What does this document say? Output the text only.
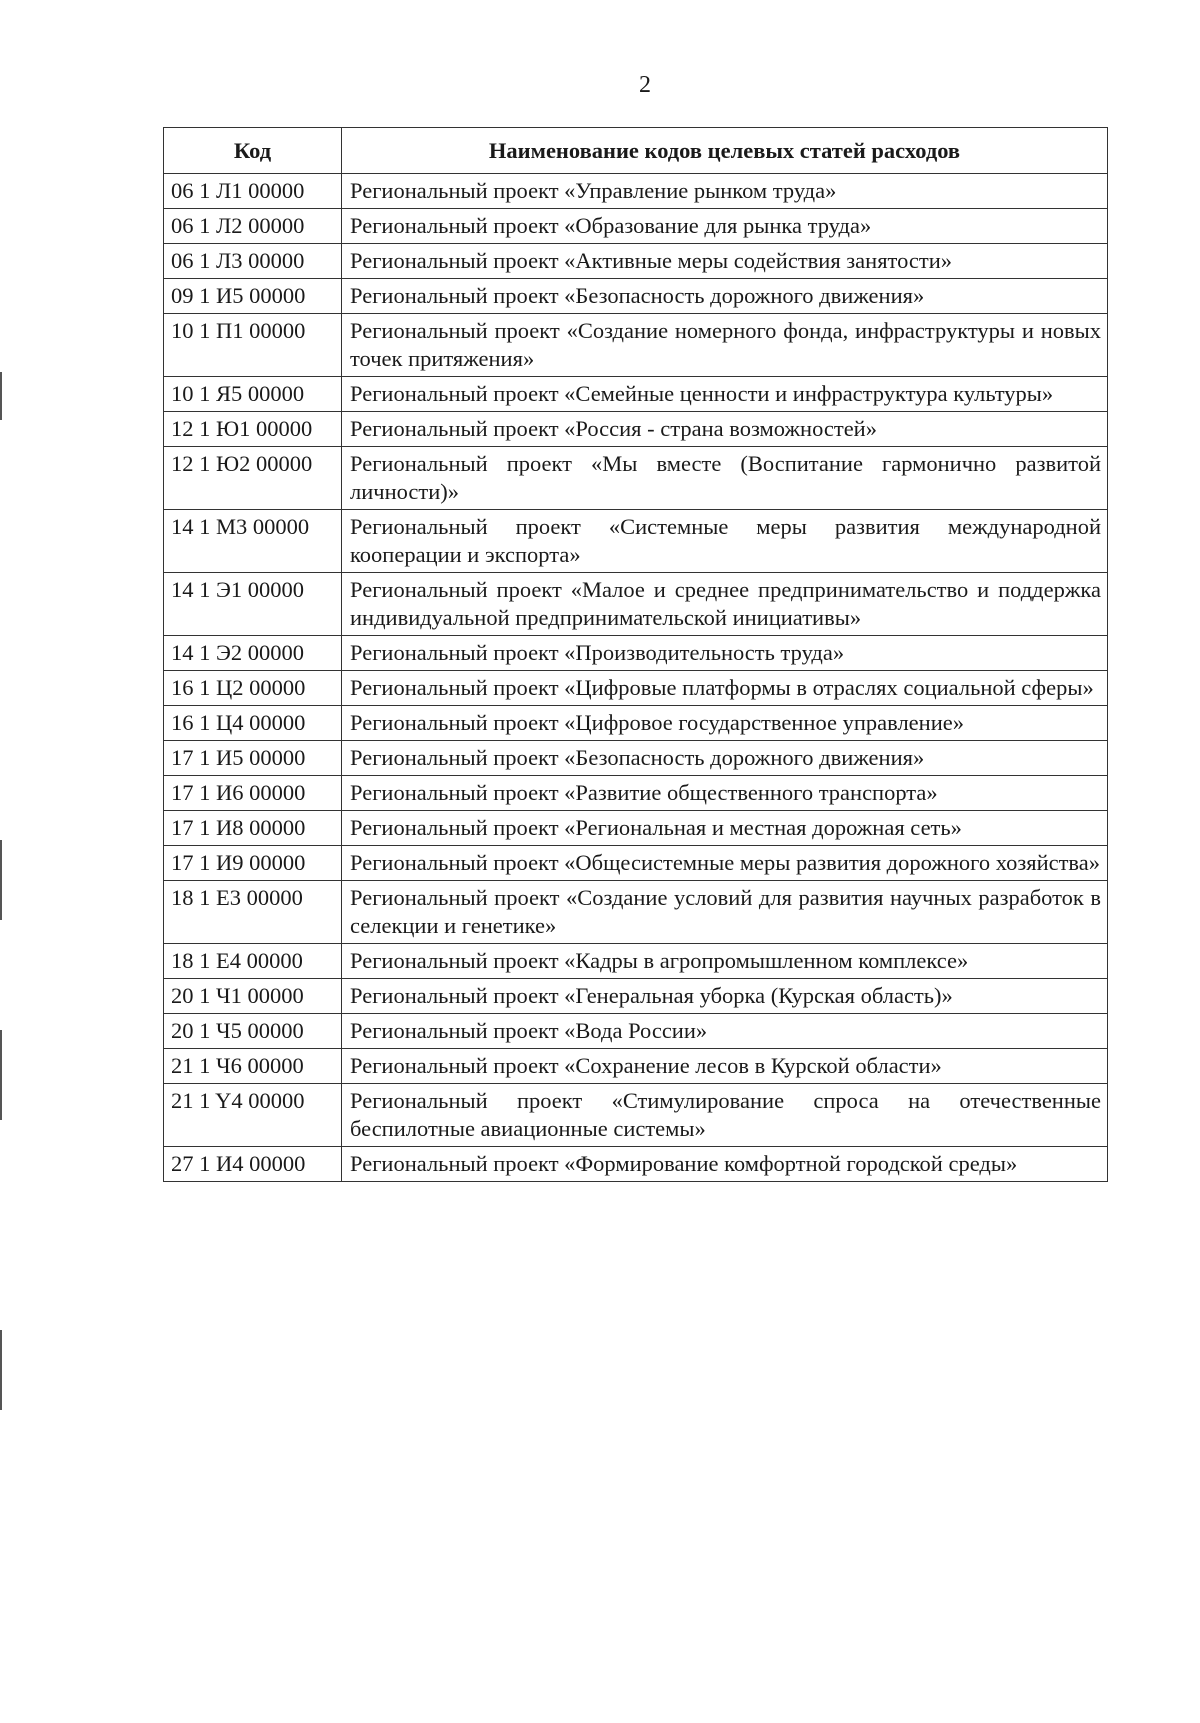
2
Код	Наименование кодов целевых статей расходов
06 1 Л1 00000	Региональный проект «Управление рынком труда»
06 1 Л2 00000	Региональный проект «Образование для рынка труда»
06 1 Л3 00000	Региональный проект «Активные меры содействия занятости»
09 1 И5 00000	Региональный проект «Безопасность дорожного движения»
10 1 П1 00000	Региональный проект «Создание номерного фонда, инфраструктуры и новых точек притяжения»
10 1 Я5 00000	Региональный проект «Семейные ценности и инфраструктура культуры»
12 1 Ю1 00000	Региональный проект «Россия - страна возможностей»
12 1 Ю2 00000	Региональный проект «Мы вместе (Воспитание гармонично развитой личности)»
14 1 М3 00000	Региональный проект «Системные меры развития международной кооперации и экспорта»
14 1 Э1 00000	Региональный проект «Малое и среднее предпринимательство и поддержка индивидуальной предпринимательской инициативы»
14 1 Э2 00000	Региональный проект «Производительность труда»
16 1 Ц2 00000	Региональный проект «Цифровые платформы в отраслях социальной сферы»
16 1 Ц4 00000	Региональный проект «Цифровое государственное управление»
17 1 И5 00000	Региональный проект «Безопасность дорожного движения»
17 1 И6 00000	Региональный проект «Развитие общественного транспорта»
17 1 И8 00000	Региональный проект «Региональная и местная дорожная сеть»
17 1 И9 00000	Региональный проект «Общесистемные меры развития дорожного хозяйства»
18 1 Е3 00000	Региональный проект «Создание условий для развития научных разработок в селекции и генетике»
18 1 Е4 00000	Региональный проект «Кадры в агропромышленном комплексе»
20 1 Ч1 00000	Региональный проект «Генеральная уборка (Курская область)»
20 1 Ч5 00000	Региональный проект «Вода России»
21 1 Ч6 00000	Региональный проект «Сохранение лесов в Курской области»
21 1 Y4 00000	Региональный проект «Стимулирование спроса на отечественные беспилотные авиационные системы»
27 1 И4 00000	Региональный проект «Формирование комфортной городской среды»
